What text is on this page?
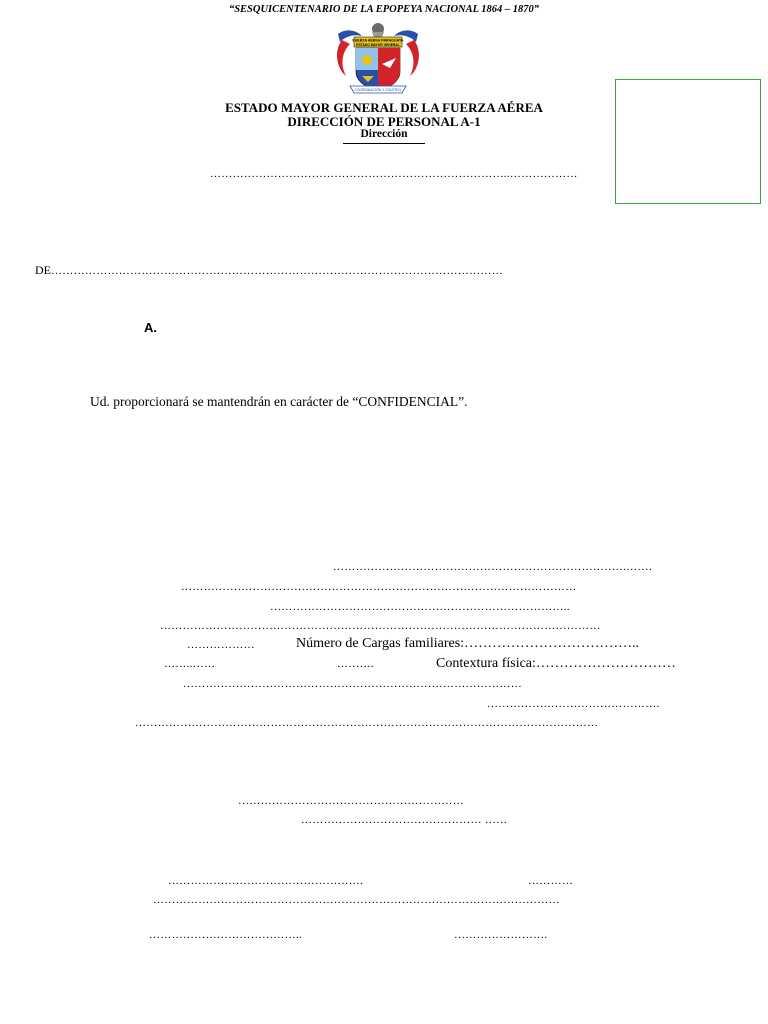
“SESQUICENTENARIO DE LA EPOPEYA NACIONAL 1864 – 1870”
FUERZA AÉREA PARAGUAYA
ESTADO MAYOR GENERAL
COORDINACIÓN Y CONTROL
ESTADO MAYOR GENERAL DE LA FUERZA AÉREA
DIRECCIÓN DE PERSONAL A-1
Dirección
……………………………………………………………………..………………
DE…………………………………………………………………………………………………………
A.
Ud. proporcionará se mantendrán en carácter de “CONFIDENCIAL”.
…………………………………………………………………….……
……………………………………………………………………………………………
……………………………………………………………………..
………………………………………………………………………………………………………
………………	Número de Cargas familiares:………………………………..
……..……	……….	Contextura física:…………………………
………………………………………………………………………………
……………………………………….
……………………………………………………………………………………………………………
……………………………………………………
………………………………………… ……
…………………………………………….	…………
………………………………………………………………………………………………
…………………………………..	…………………….
